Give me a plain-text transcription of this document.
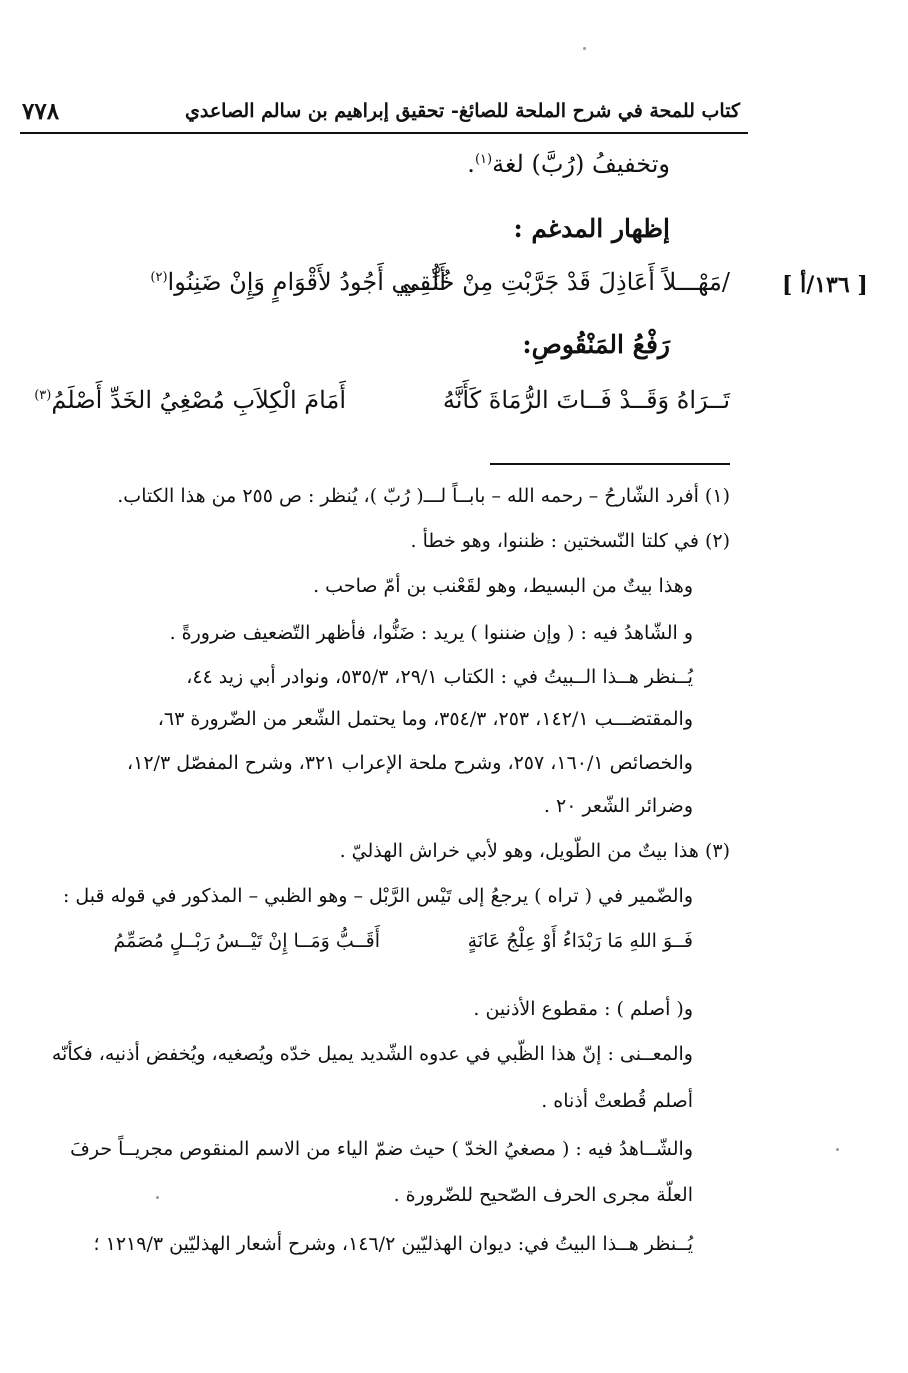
كتاب للمحة في شرح الملحة للصائغ- تحقيق إبراهيم بن سالم الصاعدي
٧٧٨
وتخفيفُ (رُبَّ) لغة$^{(١)}$.
إظهار المدغم :
[ ١٣٦/أ ]
/مَهْـــلاً أَعَاذِلَ قَدْ جَرَّبْتِ مِنْ خُلُقِي
أَنِّـــي أَجُودُ لأَقْوَامٍ وَإِنْ ضَنِنُوا$^{(٢)}$
رَفْعُ المَنْقُوصِ:
تَــرَاهُ وَقَــدْ فَــاتَ الرُّمَاةَ كَأَنَّهُ
أَمَامَ الْكِلاَبِ مُصْغِيُ الخَدِّ أَصْلَمُ$^{(٣)}$
(١) أفرد الشّارحُ – رحمه الله – بابــاً لـــ( رُبّ )، يُنظر : ص ٢٥٥ من هذا الكتاب.
(٢) في كلتا النّسختين : ظننوا، وهو خطأ .
وهذا بيتٌ من البسيط، وهو لقَعْنب بن أمّ صاحب .
و الشّاهدُ فيه : ( وإن ضننوا ) يريد : ضَنُّوا، فأظهر التّضعيف ضرورةً .
يُــنظر هــذا الــبيتُ في : الكتاب ٢٩/١، ٥٣٥/٣، ونوادر أبي زيد ٤٤،
والمقتضـــب ١٤٢/١، ٢٥٣، ٣٥٤/٣، وما يحتمل الشّعر من الضّرورة ٦٣،
والخصائص ١٦٠/١، ٢٥٧، وشرح ملحة الإعراب ٣٢١، وشرح المفصّل ١٢/٣،
وضرائر الشّعر ٢٠ .
(٣) هذا بيتٌ من الطّويل، وهو لأبي خراش الهذليّ .
والضّمير في ( تراه ) يرجعُ إلى تَيْس الرَّبْل – وهو الظبي – المذكور في قوله قبل :
فَــوَ اللهِ مَا رَبْدَاءُ أَوْ عِلْجُ عَانَةٍ
أَقَــبُّ وَمَــا إِنْ تَيْــسُ رَبْــلٍ مُصَمِّمُ
و( أصلم ) : مقطوع الأذنين .
والمعــنى : إنّ هذا الظّبي في عدوه الشّديد يميل خدّه ويُصغيه، ويُخفض أذنيه، فكأنّه
أصلم قُطعتْ أذناه .
والشّــاهدُ فيه : ( مصغيُ الخدّ ) حيث ضمّ الياء من الاسم المنقوص مجريــاً حرفَ
العلّة مجرى الحرف الصّحيح للضّرورة .
يُــنظر هــذا البيتُ في: ديوان الهذليّين ١٤٦/٢، وشرح أشعار الهذليّين ١٢١٩/٣ ؛
